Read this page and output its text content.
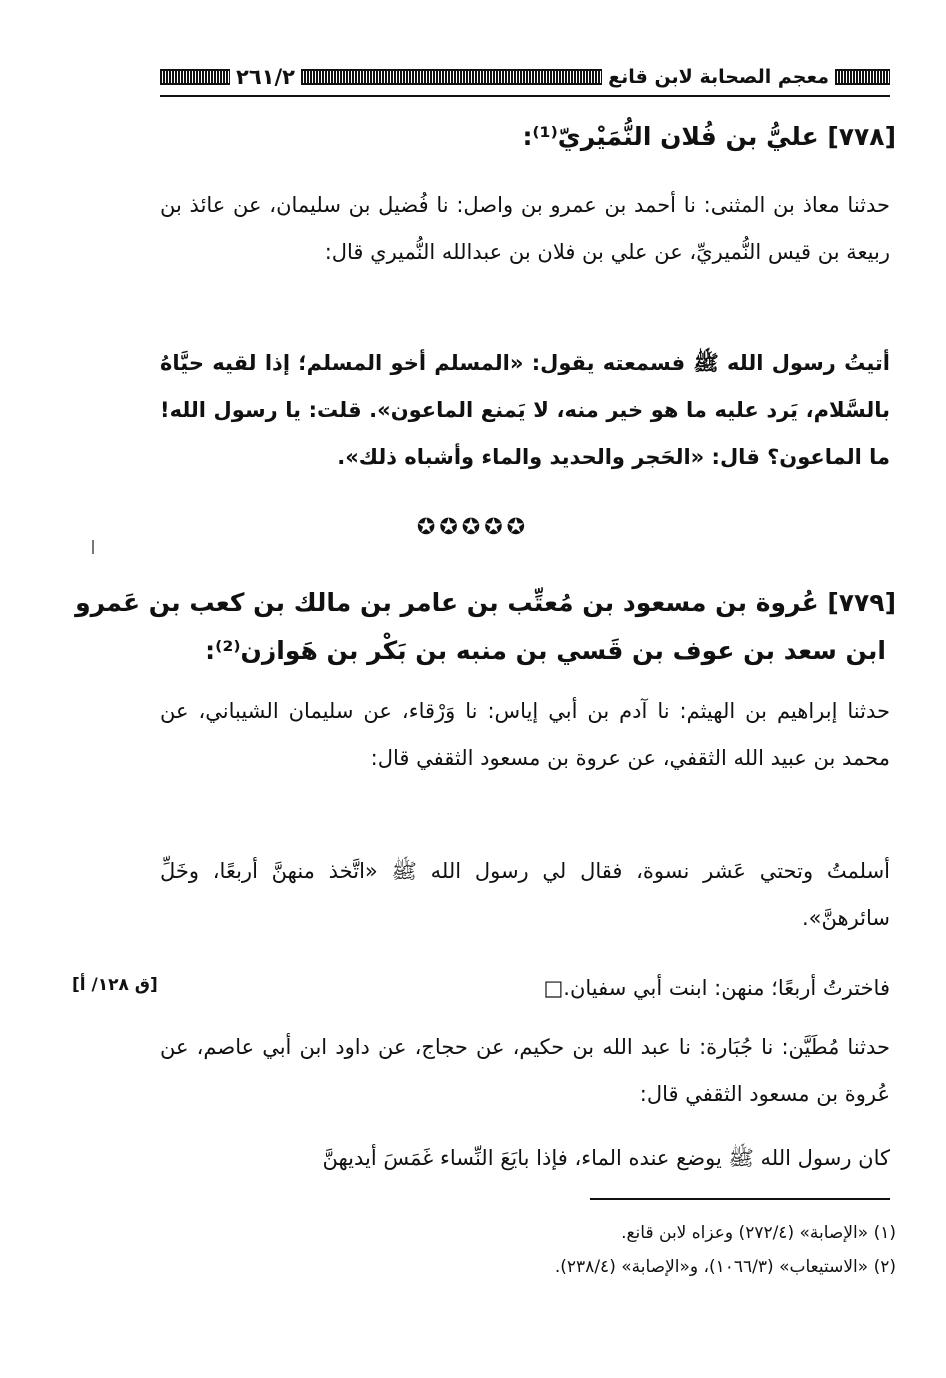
٢٦١/٢	معجم الصحابة لابن قانع
[٧٧٨] عليُّ بن فُلان النُّمَيْريّ⁽¹⁾:
حدثنا معاذ بن المثنى: نا أحمد بن عمرو بن واصل: نا فُضيل بن سليمان، عن عائذ بن ربيعة بن قيس النُّميريِّ، عن علي بن فلان بن عبدالله النُّميري قال:
أتيتُ رسول الله ﷺ فسمعته يقول: «المسلم أخو المسلم؛ إذا لقيه حيَّاهُ بالسَّلام، يَرد عليه ما هو خير منه، لا يَمنع الماعون». قلت: يا رسول الله! ما الماعون؟ قال: «الحَجر والحديد والماء وأشباه ذلك».
✪✪✪✪✪
[٧٧٩] عُروة بن مسعود بن مُعتِّب بن عامر بن مالك بن كعب بن عَمرو
ابن سعد بن عوف بن قَسي بن منبه بن بَكْر بن هَوازن⁽²⁾:
حدثنا إبراهيم بن الهيثم: نا آدم بن أبي إياس: نا وَرْقاء، عن سليمان الشيباني، عن محمد بن عبيد الله الثقفي، عن عروة بن مسعود الثقفي قال:
أسلمتُ وتحتي عَشر نسوة، فقال لي رسول الله ﷺ «اتَّخذ منهنَّ أربعًا، وخَلِّ سائرهنَّ».
فاخترتُ أربعًا؛ منهن: ابنت أبي سفيان.□
[ق ١٢٨/ أ]
حدثنا مُطَيَّن: نا جُبَارة: نا عبد الله بن حكيم، عن حجاج، عن داود ابن أبي عاصم، عن عُروة بن مسعود الثقفي قال:
كان رسول الله ﷺ يوضع عنده الماء، فإذا بايَعَ النِّساء غَمَسَ أيديهنَّ
(١) «الإصابة» (٢٧٢/٤) وعزاه لابن قانع.
(٢) «الاستيعاب» (١٠٦٦/٣)، و«الإصابة» (٢٣٨/٤).
